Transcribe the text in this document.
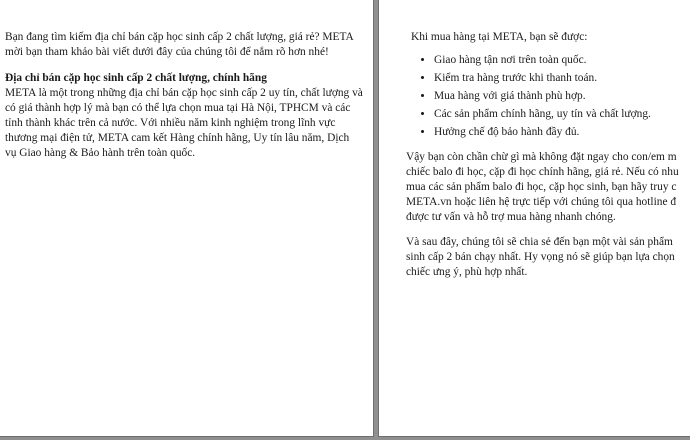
Bạn đang tìm kiếm địa chỉ bán cặp học sinh cấp 2 chất lượng, giá rẻ? META mời bạn tham khảo bài viết dưới đây của chúng tôi để nắm rõ hơn nhé!

Địa chỉ bán cặp học sinh cấp 2 chất lượng, chính hãng

META là một trong những địa chỉ bán cặp học sinh cấp 2 uy tín, chất lượng và có giá thành hợp lý mà bạn có thể lựa chọn mua tại Hà Nội, TPHCM và các tỉnh thành khác trên cả nước. Với nhiều năm kinh nghiệm trong lĩnh vực thương mại điện tử, META cam kết Hàng chính hãng, Uy tín lâu năm, Dịch vụ Giao hàng & Bảo hành trên toàn quốc.

Khi mua hàng tại META, bạn sẽ được:

• Giao hàng tận nơi trên toàn quốc.
• Kiểm tra hàng trước khi thanh toán.
• Mua hàng với giá thành phù hợp.
• Các sản phẩm chính hãng, uy tín và chất lượng.
• Hưởng chế độ bảo hành đầy đủ.

Vậy bạn còn chần chừ gì mà không đặt ngay cho con/em m
chiếc balo đi học, cặp đi học chính hãng, giá rẻ. Nếu có nhu
mua các sản phẩm balo đi học, cặp học sinh, bạn hãy truy c
META.vn hoặc liên hệ trực tiếp với chúng tôi qua hotline đ
được tư vấn và hỗ trợ mua hàng nhanh chóng.

Và sau đây, chúng tôi sẽ chia sẻ đến bạn một vài sản phẩm
sinh cấp 2 bán chạy nhất. Hy vọng nó sẽ giúp bạn lựa chọn
chiếc ưng ý, phù hợp nhất.
